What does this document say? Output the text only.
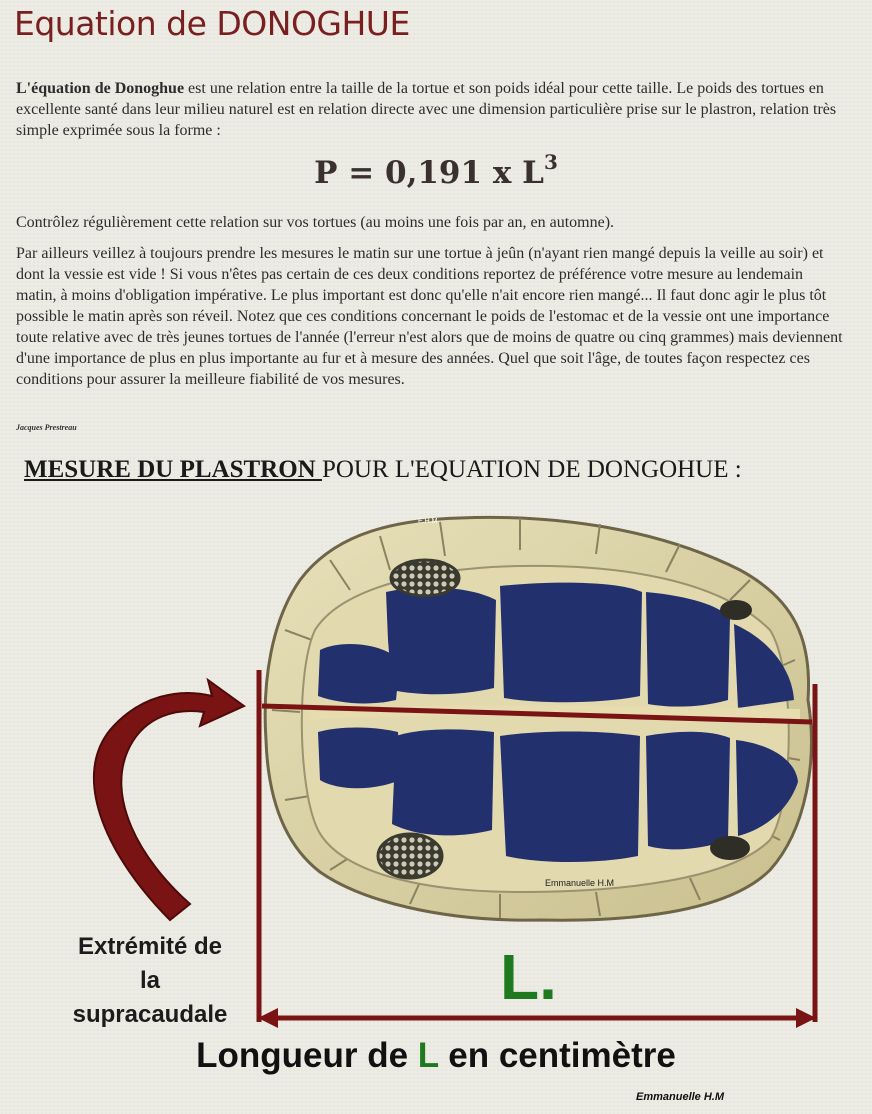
Equation de DONOGHUE
L'équation de Donoghue est une relation entre la taille de la tortue et son poids idéal pour cette taille. Le poids des tortues en excellente santé dans leur milieu naturel est en relation directe avec une dimension particulière prise sur le plastron, relation très simple exprimée sous la forme :
P = 0,191 x $L^3$
Contrôlez régulièrement cette relation sur vos tortues (au moins une fois par an, en automne).
Par ailleurs veillez à toujours prendre les mesures le matin sur une tortue à jeûn (n'ayant rien mangé depuis la veille au soir) et dont la vessie est vide ! Si vous n'êtes pas certain de ces deux conditions reportez de préférence votre mesure au lendemain matin, à moins d'obligation impérative. Le plus important est donc qu'elle n'ait encore rien mangé... Il faut donc agir le plus tôt possible le matin après son réveil. Notez que ces conditions concernant le poids de l'estomac et de la vessie ont une importance toute relative avec de très jeunes tortues de l'année (l'erreur n'est alors que de moins de quatre ou cinq grammes) mais deviennent d'une importance de plus en plus importante au fur et à mesure des années. Quel que soit l'âge, de toutes façon respectez ces conditions pour assurer la meilleure fiabilité de vos mesures.
Jacques Prestreau
MESURE DU PLASTRON POUR L'EQUATION DE DONGOHUE :
E.H.M
Emmanuelle H.M
Extrémité de
la
supracaudale
L.
Longueur de L en centimètre
Emmanuelle H.M
